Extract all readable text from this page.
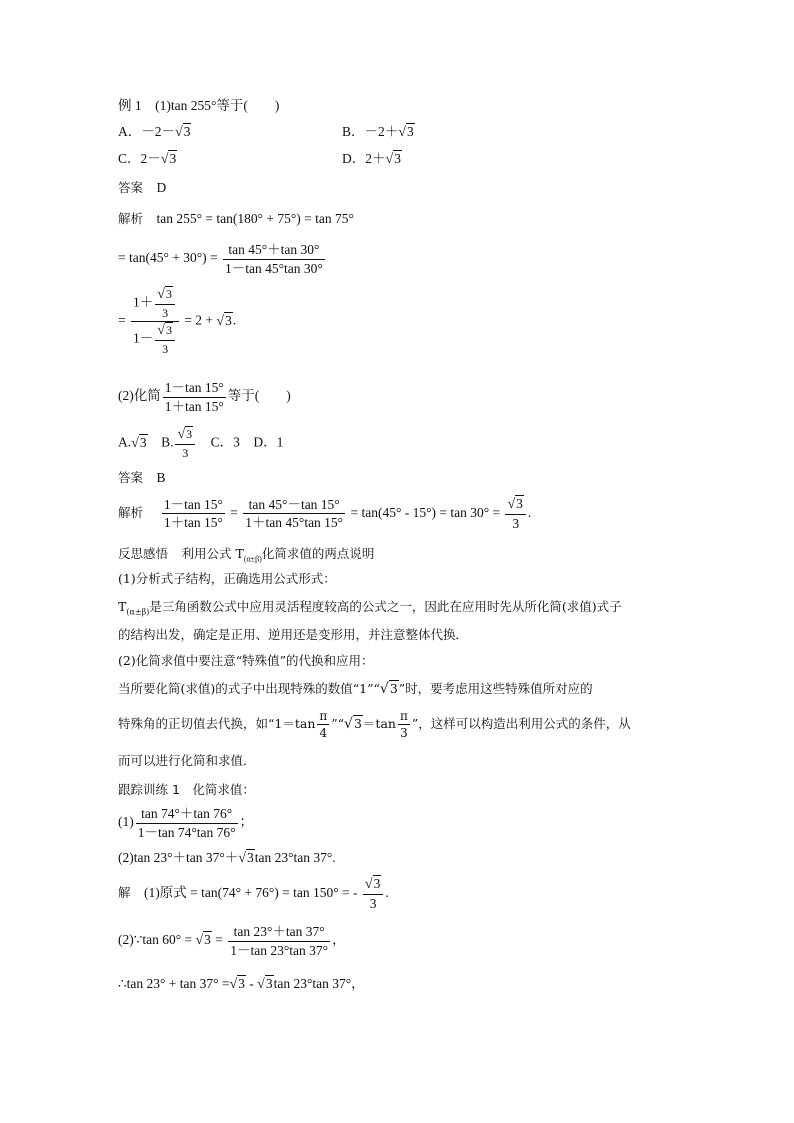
例 1　(1)tan 255°等于(　　)
A．－2－√3	B．－2＋√3
C．2－√3	D．2＋√3
答案　 D
解析　 tan 255° = tan(180° + 75°) = tan 75°
= $\tan(45^\circ + 30^\circ) = \frac{\tan 45^\circ+\tan 30^\circ}{1-\tan 45^\circ\tan 30^\circ}$
= $\frac{1+ \frac{√3}{3}}{1- \frac{√3}{3}} = 2 + √3$.
(2)化简 $\frac{1-\tan 15^\circ}{1+\tan 15^\circ}$ 等于(　　)
A.√3　 B. $\frac{√3}{3}$
　 C．3　 D．1
答案　 B
解析　 $\frac{1-\tan 15^\circ}{1+\tan 15^\circ} = \frac{\tan 45^\circ-\tan 15^\circ}{1+\tan 45^\circ\tan 15^\circ} = \tan(45^\circ - 15^\circ) = \tan 30^\circ = \frac{√3}{3}$ .
反思感悟　 利用公式 $T_{(\alpha\pm\beta)}$化简求值的两点说明
(1)分析式子结构，正确选用公式形式：
$T_{(\alpha\pm\beta)}$是三角函数公式中应用灵活程度较高的公式之一，因此在应用时先从所化简(求值)式子
的结构出发，确定是正用、逆用还是变形用，并注意整体代换．
(2)化简求值中要注意“特殊值”的代换和应用：
当所要化简(求值)的式子中出现特殊的数值“1”“√3”时，要考虑用这些特殊值所对应的
特殊角的正切值去代换，如“$1=\tan \frac{\pi}{4}$ ”“√3＝tan $\frac{\pi}{3}$ ”，这样可以构造出利用公式的条件，从
而可以进行化简和求值．
跟踪训练 1　化简求值：
$(1) \frac{\tan 74^\circ+\tan 76^\circ}{1-\tan 74^\circ\tan 76^\circ}$ ；
(2)tan 23°＋tan 37°＋√3tan 23°tan 37°.
解　 (1)原式 = tan(74° + 76°) = tan 150° = - $\frac{√3}{3}$ .
(2)∵tan $60^\circ = √3 = \frac{\tan 23^\circ+\tan 37^\circ}{1-\tan 23^\circ\tan 37^\circ}$ ，
∴tan 23° + tan 37° =√3 - √3tan 23°tan 37°，
